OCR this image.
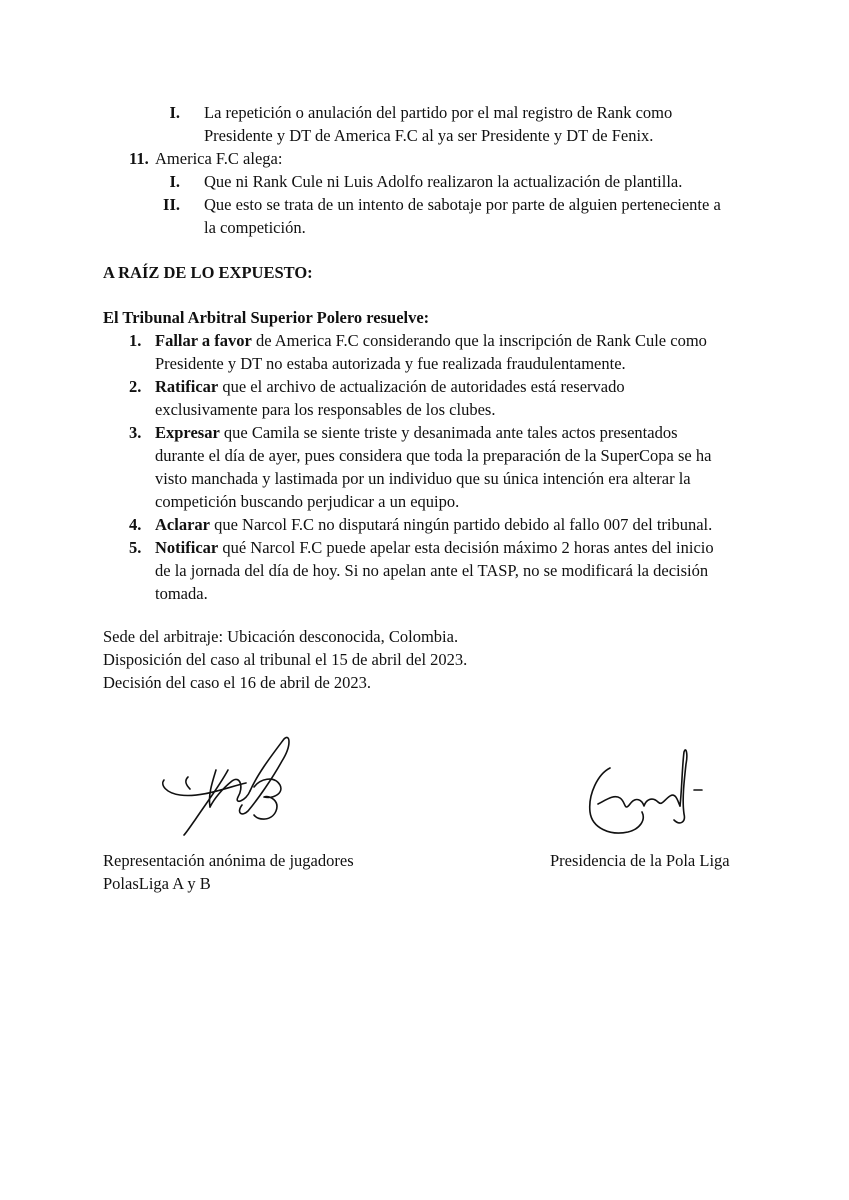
I. La repetición o anulación del partido por el mal registro de Rank como
Presidente y DT de America F.C al ya ser Presidente y DT de Fenix.
11. America F.C alega:
I. Que ni Rank Cule ni Luis Adolfo realizaron la actualización de plantilla.
II. Que esto se trata de un intento de sabotaje por parte de alguien perteneciente a
la competición.
A RAÍZ DE LO EXPUESTO:
El Tribunal Arbitral Superior Polero resuelve:
1. Fallar a favor de America F.C considerando que la inscripción de Rank Cule como
Presidente y DT no estaba autorizada y fue realizada fraudulentamente.
2. Ratificar que el archivo de actualización de autoridades está reservado
exclusivamente para los responsables de los clubes.
3. Expresar que Camila se siente triste y desanimada ante tales actos presentados
durante el día de ayer, pues considera que toda la preparación de la SuperCopa se ha
visto manchada y lastimada por un individuo que su única intención era alterar la
competición buscando perjudicar a un equipo.
4. Aclarar que Narcol F.C no disputará ningún partido debido al fallo 007 del tribunal.
5. Notificar qué Narcol F.C puede apelar esta decisión máximo 2 horas antes del inicio
de la jornada del día de hoy. Si no apelan ante el TASP, no se modificará la decisión
tomada.
Sede del arbitraje: Ubicación desconocida, Colombia.
Disposición del caso al tribunal el 15 de abril del 2023.
Decisión del caso el 16 de abril de 2023.
Representación anónima de jugadores
PolasLiga A y B
Presidencia de la Pola Liga
